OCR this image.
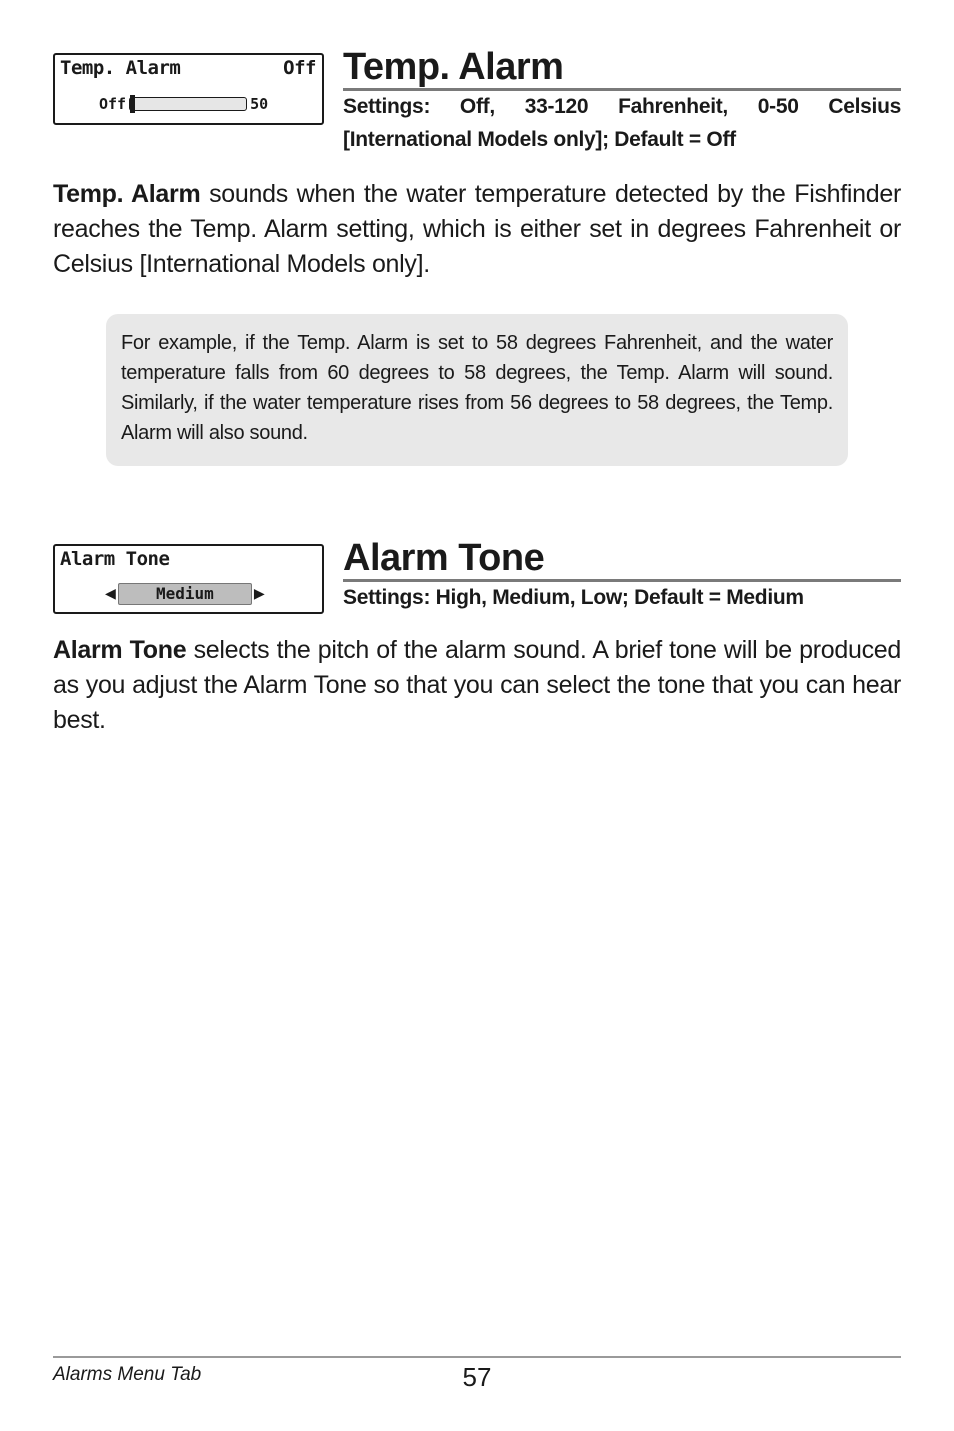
Temp. Alarm	Off
Off	50
Temp. Alarm
Settings: Off, 33-120 Fahrenheit, 0-50 Celsius [International Models only]; Default = Off

Temp. Alarm sounds when the water temperature detected by the Fishfinder reaches the Temp. Alarm setting, which is either set in degrees Fahrenheit or Celsius [International Models only].

For example, if the Temp. Alarm is set to 58 degrees Fahrenheit, and the water temperature falls from 60 degrees to 58 degrees, the Temp. Alarm will sound. Similarly, if the water temperature rises from 56 degrees to 58 degrees, the Temp. Alarm will also sound.
Alarm Tone
◀	Medium	▶
Alarm Tone
Settings: High, Medium, Low; Default = Medium

Alarm Tone selects the pitch of the alarm sound. A brief tone will be produced as you adjust the Alarm Tone so that you can select the tone that you can hear best.

Alarms Menu Tab	57
